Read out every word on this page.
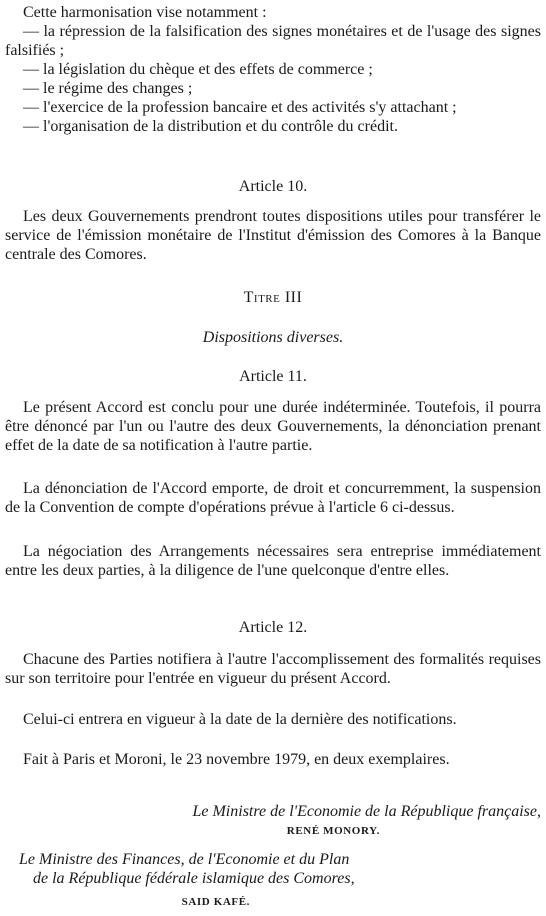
Cette harmonisation vise notamment :

— la répression de la falsification des signes monétaires et de l'usage des signes falsifiés ;

— la législation du chèque et des effets de commerce ;

— le régime des changes ;

— l'exercice de la profession bancaire et des activités s'y attachant ;

— l'organisation de la distribution et du contrôle du crédit.

Article 10.

Les deux Gouvernements prendront toutes dispositions utiles pour transférer le service de l'émission monétaire de l'Institut d'émission des Comores à la Banque centrale des Comores.

Titre III

Dispositions diverses.

Article 11.

Le présent Accord est conclu pour une durée indéterminée. Toutefois, il pourra être dénoncé par l'un ou l'autre des deux Gouvernements, la dénonciation prenant effet de la date de sa notification à l'autre partie.

La dénonciation de l'Accord emporte, de droit et concurremment, la suspension de la Convention de compte d'opérations prévue à l'article 6 ci-dessus.

La négociation des Arrangements nécessaires sera entreprise immédiatement entre les deux parties, à la diligence de l'une quelconque d'entre elles.

Article 12.

Chacune des Parties notifiera à l'autre l'accomplissement des formalités requises sur son territoire pour l'entrée en vigueur du présent Accord.

Celui-ci entrera en vigueur à la date de la dernière des notifications.

Fait à Paris et Moroni, le 23 novembre 1979, en deux exemplaires.

Le Ministre de l'Economie de la République française,

RENÉ MONORY.

Le Ministre des Finances, de l'Economie et du Plan

de la République fédérale islamique des Comores,

SAID KAFÉ.
